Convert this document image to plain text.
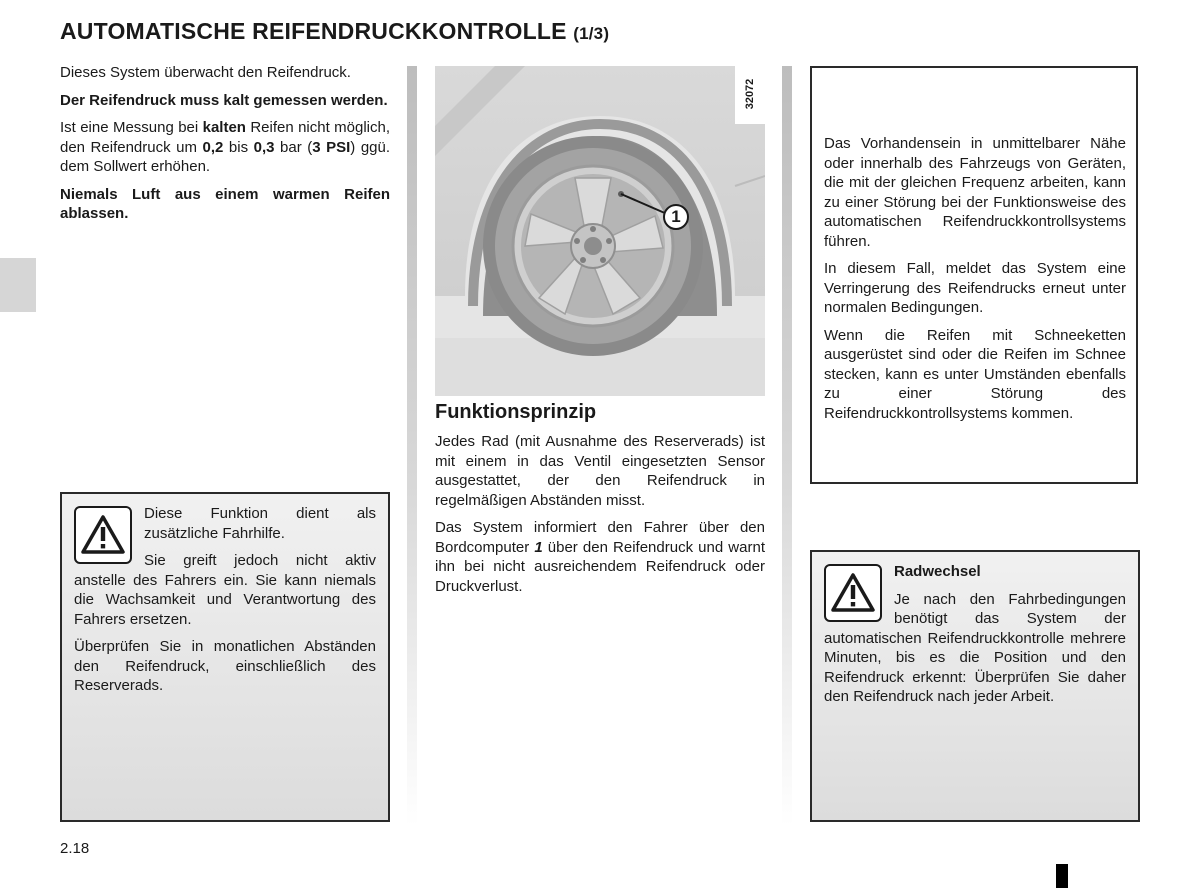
AUTOMATISCHE REIFENDRUCKKONTROLLE (1/3)

Dieses System überwacht den Reifendruck.

Der Reifendruck muss kalt gemessen werden.

Ist eine Messung bei kalten Reifen nicht möglich, den Reifendruck um 0,2 bis 0,3 bar (3 PSI) ggü. dem Sollwert erhöhen.

Niemals Luft aus einem warmen Reifen ablassen.

Diese Funktion dient als zusätzliche Fahrhilfe.

Sie greift jedoch nicht aktiv anstelle des Fahrers ein. Sie kann niemals die Wachsamkeit und Verantwortung des Fahrers ersetzen.

Überprüfen Sie in monatlichen Abständen den Reifendruck, einschließlich des Reserverads.

1
32072
Funktionsprinzip

Jedes Rad (mit Ausnahme des Reserverads) ist mit einem in das Ventil eingesetzten Sensor ausgestattet, der den Reifendruck in regelmäßigen Abständen misst.

Das System informiert den Fahrer über den Bordcomputer 1 über den Reifendruck und warnt ihn bei nicht ausreichendem Reifendruck oder Druckverlust.

Das Vorhandensein in unmittelbarer Nähe oder innerhalb des Fahrzeugs von Geräten, die mit der gleichen Frequenz arbeiten, kann zu einer Störung bei der Funktionsweise des automatischen Reifendruckkontrollsystems führen.

In diesem Fall, meldet das System eine Verringerung des Reifendrucks erneut unter normalen Bedingungen.

Wenn die Reifen mit Schneeketten ausgerüstet sind oder die Reifen im Schnee stecken, kann es unter Umständen ebenfalls zu einer Störung des Reifendruckkontrollsystems kommen.

Radwechsel

Je nach den Fahrbedingungen benötigt das System der automatischen Reifendruckkontrolle mehrere Minuten, bis es die Position und den Reifendruck erkennt: Überprüfen Sie daher den Reifendruck nach jeder Arbeit.

2.18
